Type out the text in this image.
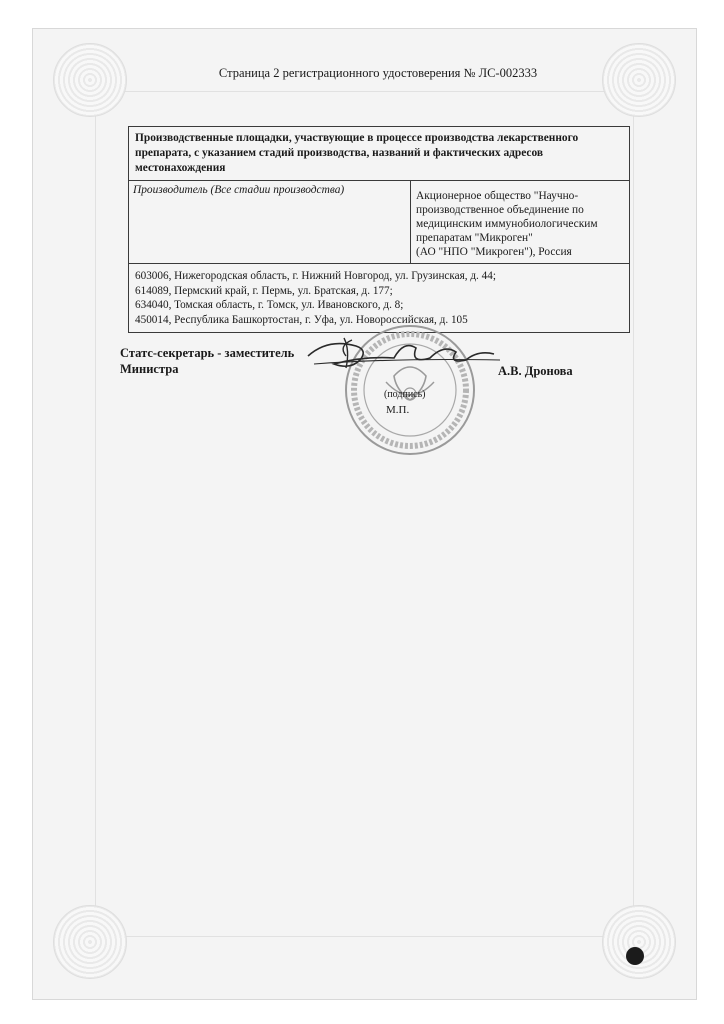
Страница 2 регистрационного удостоверения № ЛС-002333
Производственные площадки, участвующие в процессе производства лекарственного препарата, с указанием стадий производства, названий и фактических адресов местонахождения
Производитель (Все стадии производства)	Акционерное общество "Научно-
производственное объединение по
медицинским иммунобиологическим
препаратам "Микроген"
(АО "НПО "Микроген"), Россия
603006, Нижегородская область, г. Нижний Новгород, ул. Грузинская, д. 44;
614089, Пермский край, г. Пермь, ул. Братская, д. 177;
634040, Томская область, г. Томск, ул. Ивановского, д. 8;
450014, Республика Башкортостан, г. Уфа, ул. Новороссийская, д. 105
Статс-секретарь - заместитель
Министра	А.В. Дронова
(подпись)
М.П.
